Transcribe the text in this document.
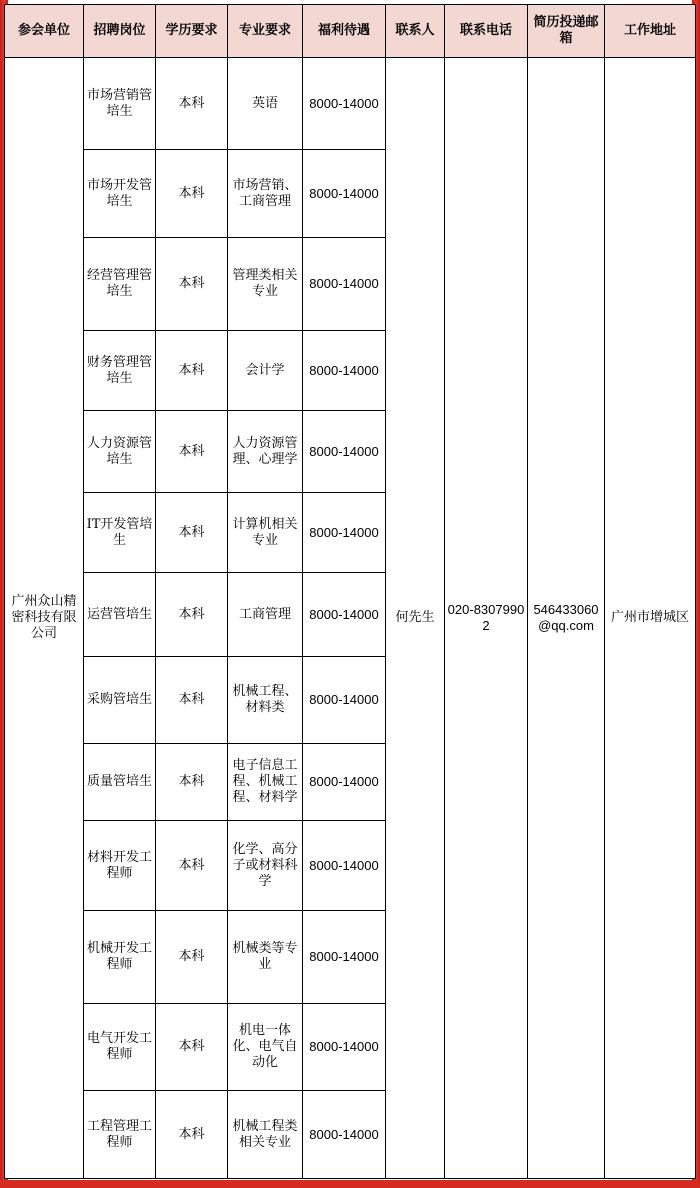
参会单位	招聘岗位	学历要求	专业要求	福利待遇	联系人	联系电话	简历投递邮箱	工作地址
广州众山精密科技有限公司	市场营销管培生	本科	英语	8000-14000	何先生	020-83079902	546433060@qq.com	广州市增城区
	市场开发管培生	本科	市场营销、工商管理	8000-14000				
	经营管理管培生	本科	管理类相关专业	8000-14000				
	财务管理管培生	本科	会计学	8000-14000				
	人力资源管培生	本科	人力资源管理、心理学	8000-14000				
	IT开发管培生	本科	计算机相关专业	8000-14000				
	运营管培生	本科	工商管理	8000-14000				
	采购管培生	本科	机械工程、材料类	8000-14000				
	质量管培生	本科	电子信息工程、机械工程、材料学	8000-14000				
	材料开发工程师	本科	化学、高分子或材料科学	8000-14000				
	机械开发工程师	本科	机械类等专业	8000-14000				
	电气开发工程师	本科	机电一体化、电气自动化	8000-14000				
	工程管理工程师	本科	机械工程类相关专业	8000-14000				
